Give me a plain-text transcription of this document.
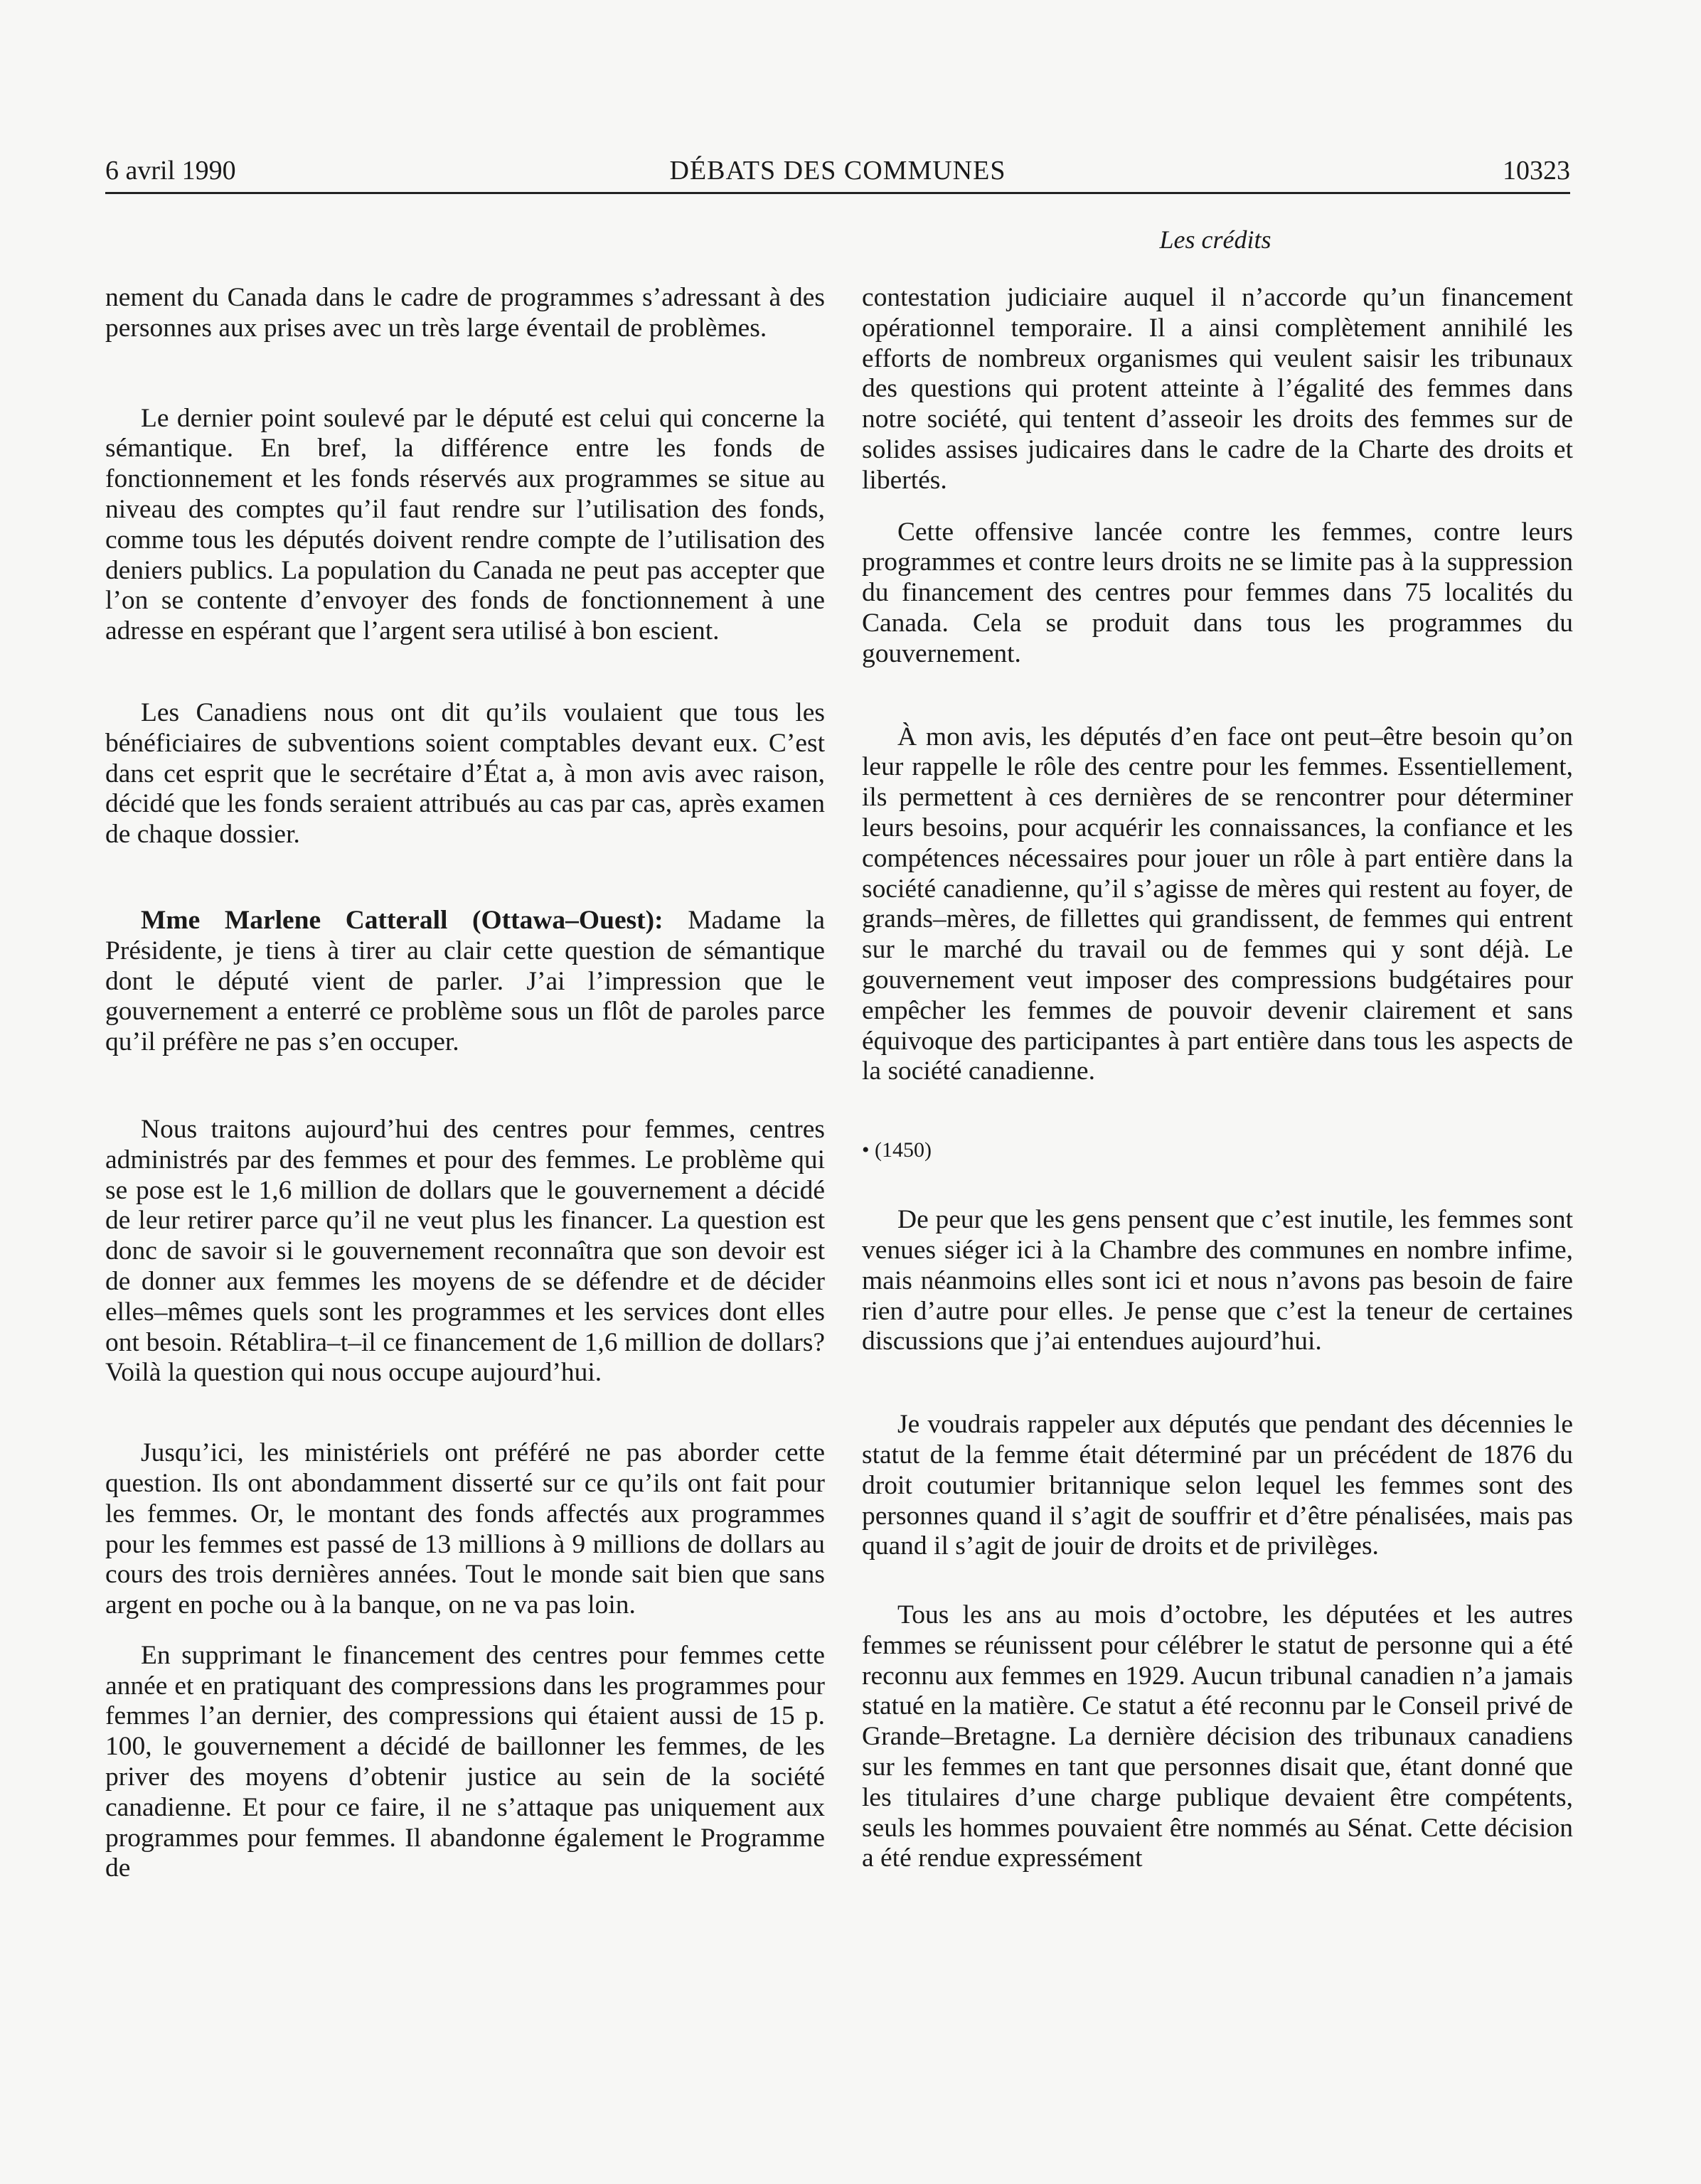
6 avril 1990	DÉBATS DES COMMUNES	10323
Les crédits

nement du Canada dans le cadre de programmes s’adressant à des personnes aux prises avec un très large éventail de problèmes.

Le dernier point soulevé par le député est celui qui concerne la sémantique. En bref, la différence entre les fonds de fonctionnement et les fonds réservés aux programmes se situe au niveau des comptes qu’il faut rendre sur l’utilisation des fonds, comme tous les députés doivent rendre compte de l’utilisation des deniers publics. La population du Canada ne peut pas accepter que l’on se contente d’envoyer des fonds de fonctionnement à une adresse en espérant que l’argent sera utilisé à bon escient.

Les Canadiens nous ont dit qu’ils voulaient que tous les bénéficiaires de subventions soient comptables devant eux. C’est dans cet esprit que le secrétaire d’État a, à mon avis avec raison, décidé que les fonds seraient attribués au cas par cas, après examen de chaque dossier.

Mme Marlene Catterall (Ottawa–Ouest): Madame la Présidente, je tiens à tirer au clair cette question de sémantique dont le député vient de parler. J’ai l’impression que le gouvernement a enterré ce problème sous un flôt de paroles parce qu’il préfère ne pas s’en occuper.

Nous traitons aujourd’hui des centres pour femmes, centres administrés par des femmes et pour des femmes. Le problème qui se pose est le 1,6 million de dollars que le gouvernement a décidé de leur retirer parce qu’il ne veut plus les financer. La question est donc de savoir si le gouvernement reconnaîtra que son devoir est de donner aux femmes les moyens de se défendre et de décider elles–mêmes quels sont les programmes et les services dont elles ont besoin. Rétablira–t–il ce financement de 1,6 million de dollars? Voilà la question qui nous occupe aujourd’hui.

Jusqu’ici, les ministériels ont préféré ne pas aborder cette question. Ils ont abondamment disserté sur ce qu’ils ont fait pour les femmes. Or, le montant des fonds affectés aux programmes pour les femmes est passé de 13 millions à 9 millions de dollars au cours des trois dernières années. Tout le monde sait bien que sans argent en poche ou à la banque, on ne va pas loin.

En supprimant le financement des centres pour femmes cette année et en pratiquant des compressions dans les programmes pour femmes l’an dernier, des compressions qui étaient aussi de 15 p. 100, le gouvernement a décidé de baillonner les femmes, de les priver des moyens d’obtenir justice au sein de la société canadienne. Et pour ce faire, il ne s’attaque pas uniquement aux programmes pour femmes. Il abandonne également le Programme de

contestation judiciaire auquel il n’accorde qu’un financement opérationnel temporaire. Il a ainsi complètement annihilé les efforts de nombreux organismes qui veulent saisir les tribunaux des questions qui protent atteinte à l’égalité des femmes dans notre société, qui tentent d’asseoir les droits des femmes sur de solides assises judicaires dans le cadre de la Charte des droits et libertés.

Cette offensive lancée contre les femmes, contre leurs programmes et contre leurs droits ne se limite pas à la suppression du financement des centres pour femmes dans 75 localités du Canada. Cela se produit dans tous les programmes du gouvernement.

À mon avis, les députés d’en face ont peut–être besoin qu’on leur rappelle le rôle des centre pour les femmes. Essentiellement, ils permettent à ces dernières de se rencontrer pour déterminer leurs besoins, pour acquérir les connaissances, la confiance et les compétences nécessaires pour jouer un rôle à part entière dans la société canadienne, qu’il s’agisse de mères qui restent au foyer, de grands–mères, de fillettes qui grandissent, de femmes qui entrent sur le marché du travail ou de femmes qui y sont déjà. Le gouvernement veut imposer des compressions budgétaires pour empêcher les femmes de pouvoir devenir clairement et sans équivoque des participantes à part entière dans tous les aspects de la société canadienne.

• (1450)

De peur que les gens pensent que c’est inutile, les femmes sont venues siéger ici à la Chambre des communes en nombre infime, mais néanmoins elles sont ici et nous n’avons pas besoin de faire rien d’autre pour elles. Je pense que c’est la teneur de certaines discussions que j’ai entendues aujourd’hui.

Je voudrais rappeler aux députés que pendant des décennies le statut de la femme était déterminé par un précédent de 1876 du droit coutumier britannique selon lequel les femmes sont des personnes quand il s’agit de souffrir et d’être pénalisées, mais pas quand il s’agit de jouir de droits et de privilèges.

Tous les ans au mois d’octobre, les députées et les autres femmes se réunissent pour célébrer le statut de personne qui a été reconnu aux femmes en 1929. Aucun tribunal canadien n’a jamais statué en la matière. Ce statut a été reconnu par le Conseil privé de Grande–Bretagne. La dernière décision des tribunaux canadiens sur les femmes en tant que personnes disait que, étant donné que les titulaires d’une charge publique devaient être compétents, seuls les hommes pouvaient être nommés au Sénat. Cette décision a été rendue expressément
